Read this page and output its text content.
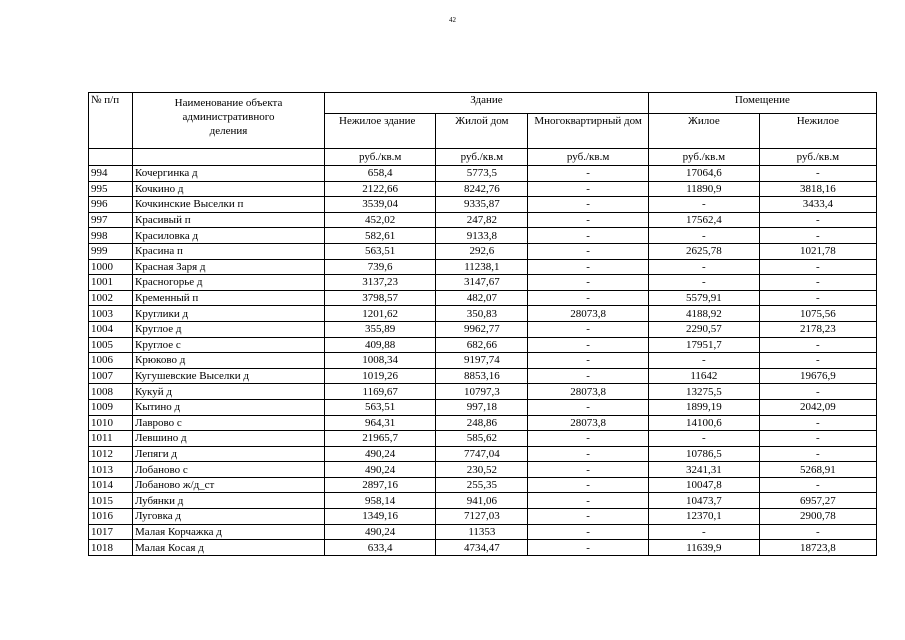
42
№ п/п	Наименование объекта административного деления	Здание			Помещение	
		Нежилое здание	Жилой дом	Многоквартирный дом	Жилое	Нежилое
		руб./кв.м	руб./кв.м	руб./кв.м	руб./кв.м	руб./кв.м
994	Кочергинка д	658,4	5773,5	-	17064,6	-
995	Кочкино д	2122,66	8242,76	-	11890,9	3818,16
996	Кочкинские Выселки п	3539,04	9335,87	-	-	3433,4
997	Красивый п	452,02	247,82	-	17562,4	-
998	Красиловка д	582,61	9133,8	-	-	-
999	Красина п	563,51	292,6	-	2625,78	1021,78
1000	Красная Заря д	739,6	11238,1	-	-	-
1001	Красногорье д	3137,23	3147,67	-	-	-
1002	Кременный п	3798,57	482,07	-	5579,91	-
1003	Круглики д	1201,62	350,83	28073,8	4188,92	1075,56
1004	Круглое д	355,89	9962,77	-	2290,57	2178,23
1005	Круглое с	409,88	682,66	-	17951,7	-
1006	Крюково д	1008,34	9197,74	-	-	-
1007	Кугушевские Выселки д	1019,26	8853,16	-	11642	19676,9
1008	Кукуй д	1169,67	10797,3	28073,8	13275,5	-
1009	Кытино д	563,51	997,18	-	1899,19	2042,09
1010	Лаврово с	964,31	248,86	28073,8	14100,6	-
1011	Левшино д	21965,7	585,62	-	-	-
1012	Лепяги д	490,24	7747,04	-	10786,5	-
1013	Лобаново с	490,24	230,52	-	3241,31	5268,91
1014	Лобаново ж/д_ст	2897,16	255,35	-	10047,8	-
1015	Лубянки д	958,14	941,06	-	10473,7	6957,27
1016	Луговка д	1349,16	7127,03	-	12370,1	2900,78
1017	Малая Корчажка д	490,24	11353	-	-	-
1018	Малая Косая д	633,4	4734,47	-	11639,9	18723,8
